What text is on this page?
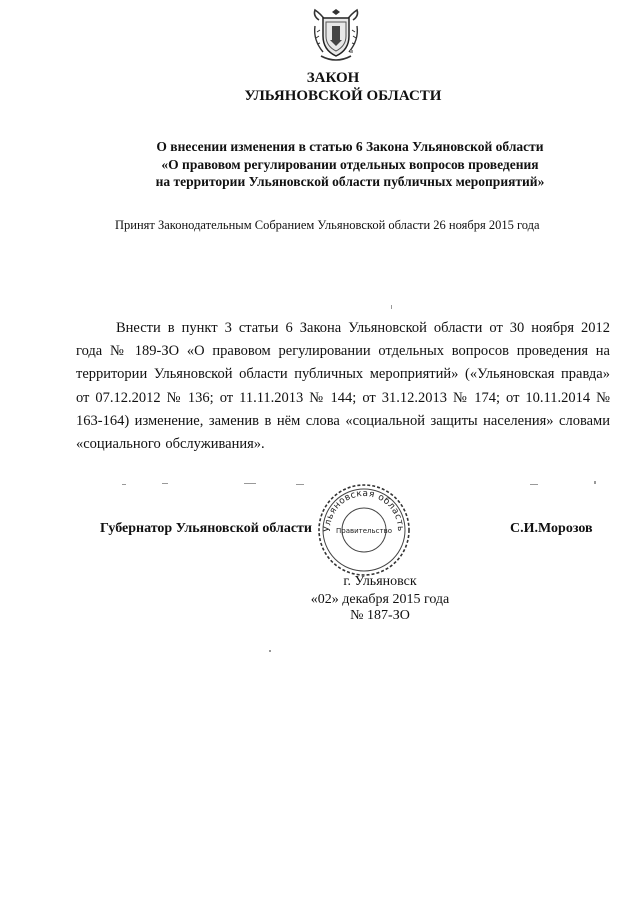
ЗАКОН

УЛЬЯНОВСКОЙ ОБЛАСТИ

О внесении изменения в статью 6 Закона Ульяновской области
«О правовом регулировании отдельных вопросов проведения
на территории Ульяновской области публичных мероприятий»

Принят Законодательным Собранием Ульяновской области 26 ноября 2015 года

Внести в пункт 3 статьи 6 Закона Ульяновской области от 30 ноября 2012 года № 189-ЗО «О правовом регулировании отдельных вопросов проведения на территории Ульяновской области публичных мероприятий» («Ульяновская правда» от 07.12.2012 № 136; от 11.11.2013 № 144; от 31.12.2013 № 174; от 10.11.2014 № 163-164) изменение, заменив в нём слова «социальной защиты населения» словами «социального обслуживания».

Губернатор Ульяновской области	С.И.Морозов
Ульяновская область
Правительство
г. Ульяновск
«02» декабря 2015 года
№ 187-ЗО
